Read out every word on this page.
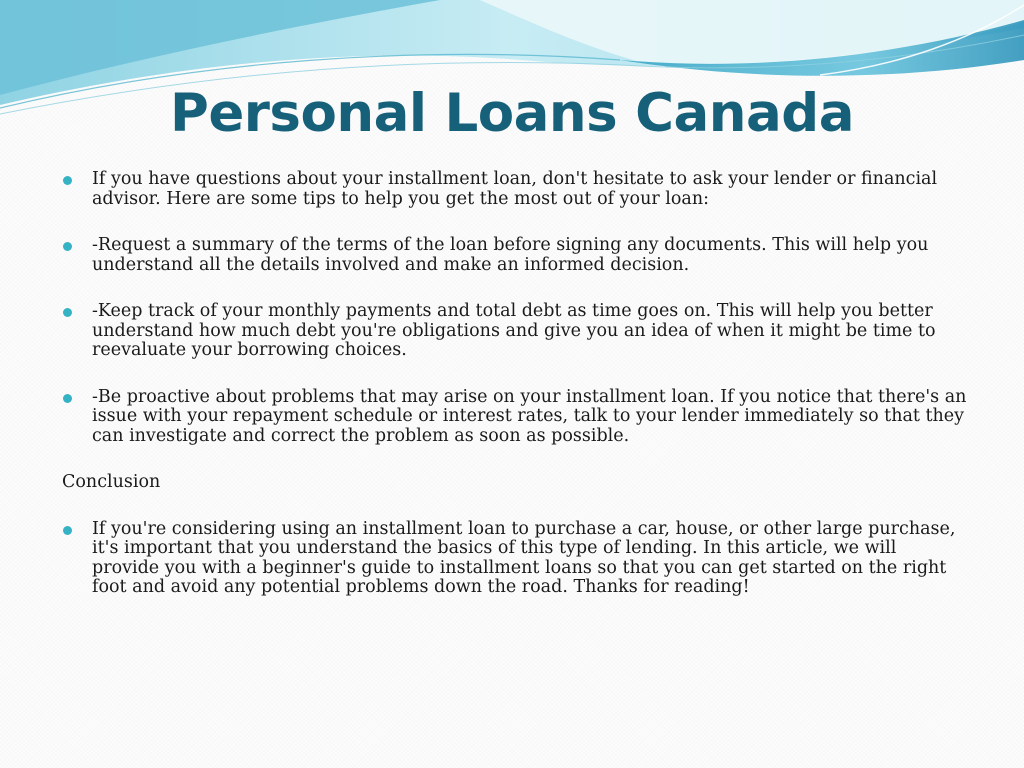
Personal Loans Canada
If you have questions about your installment loan, don't hesitate to ask your lender or financial advisor. Here are some tips to help you get the most out of your loan:
-Request a summary of the terms of the loan before signing any documents. This will help you understand all the details involved and make an informed decision.
-Keep track of your monthly payments and total debt as time goes on. This will help you better understand how much debt you're obligations and give you an idea of when it might be time to reevaluate your borrowing choices.
-Be proactive about problems that may arise on your installment loan. If you notice that there's an issue with your repayment schedule or interest rates, talk to your lender immediately so that they can investigate and correct the problem as soon as possible.
Conclusion
If you're considering using an installment loan to purchase a car, house, or other large purchase, it's important that you understand the basics of this type of lending. In this article, we will provide you with a beginner's guide to installment loans so that you can get started on the right foot and avoid any potential problems down the road. Thanks for reading!
